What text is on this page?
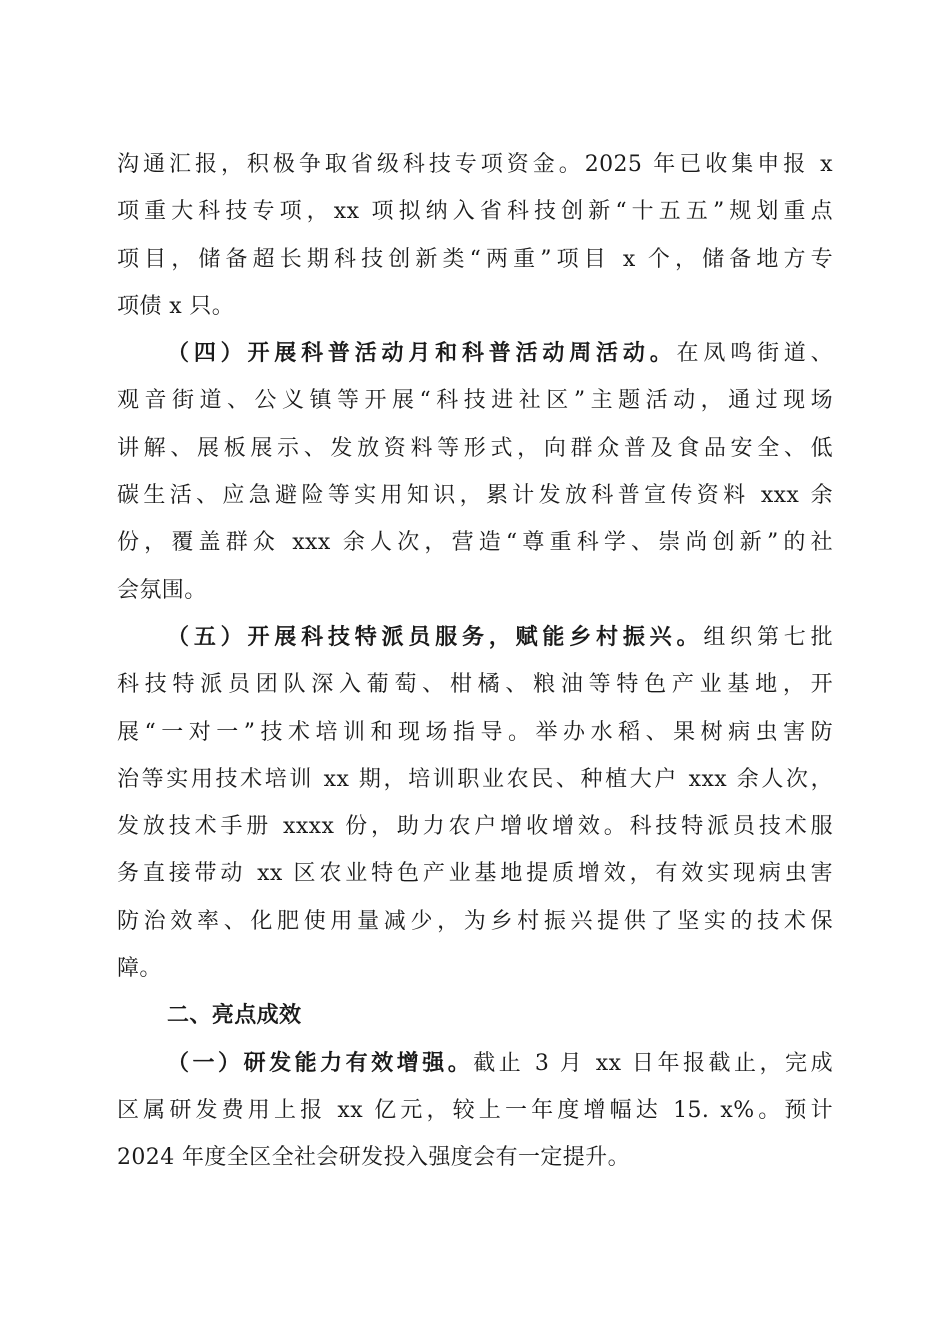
沟通汇报，积极争取省级科技专项资金。2025 年已收集申报 x
项重大科技专项，xx 项拟纳入省科技创新“十五五”规划重点
项目，储备超长期科技创新类“两重”项目 x 个，储备地方专
项债 x 只。
（四）开展科普活动月和科普活动周活动。在凤鸣街道、
观音街道、公义镇等开展“科技进社区”主题活动，通过现场
讲解、展板展示、发放资料等形式，向群众普及食品安全、低
碳生活、应急避险等实用知识，累计发放科普宣传资料 xxx 余
份，覆盖群众 xxx 余人次，营造“尊重科学、崇尚创新”的社
会氛围。
（五）开展科技特派员服务，赋能乡村振兴。组织第七批
科技特派员团队深入葡萄、柑橘、粮油等特色产业基地，开
展“一对一”技术培训和现场指导。举办水稻、果树病虫害防
治等实用技术培训 xx 期，培训职业农民、种植大户 xxx 余人次，
发放技术手册 xxxx 份，助力农户增收增效。科技特派员技术服
务直接带动 xx 区农业特色产业基地提质增效，有效实现病虫害
防治效率、化肥使用量减少，为乡村振兴提供了坚实的技术保
障。
二、亮点成效
（一）研发能力有效增强。截止 3 月 xx 日年报截止，完成
区属研发费用上报 xx 亿元，较上一年度增幅达 15. x%。预计
2024 年度全区全社会研发投入强度会有一定提升。
